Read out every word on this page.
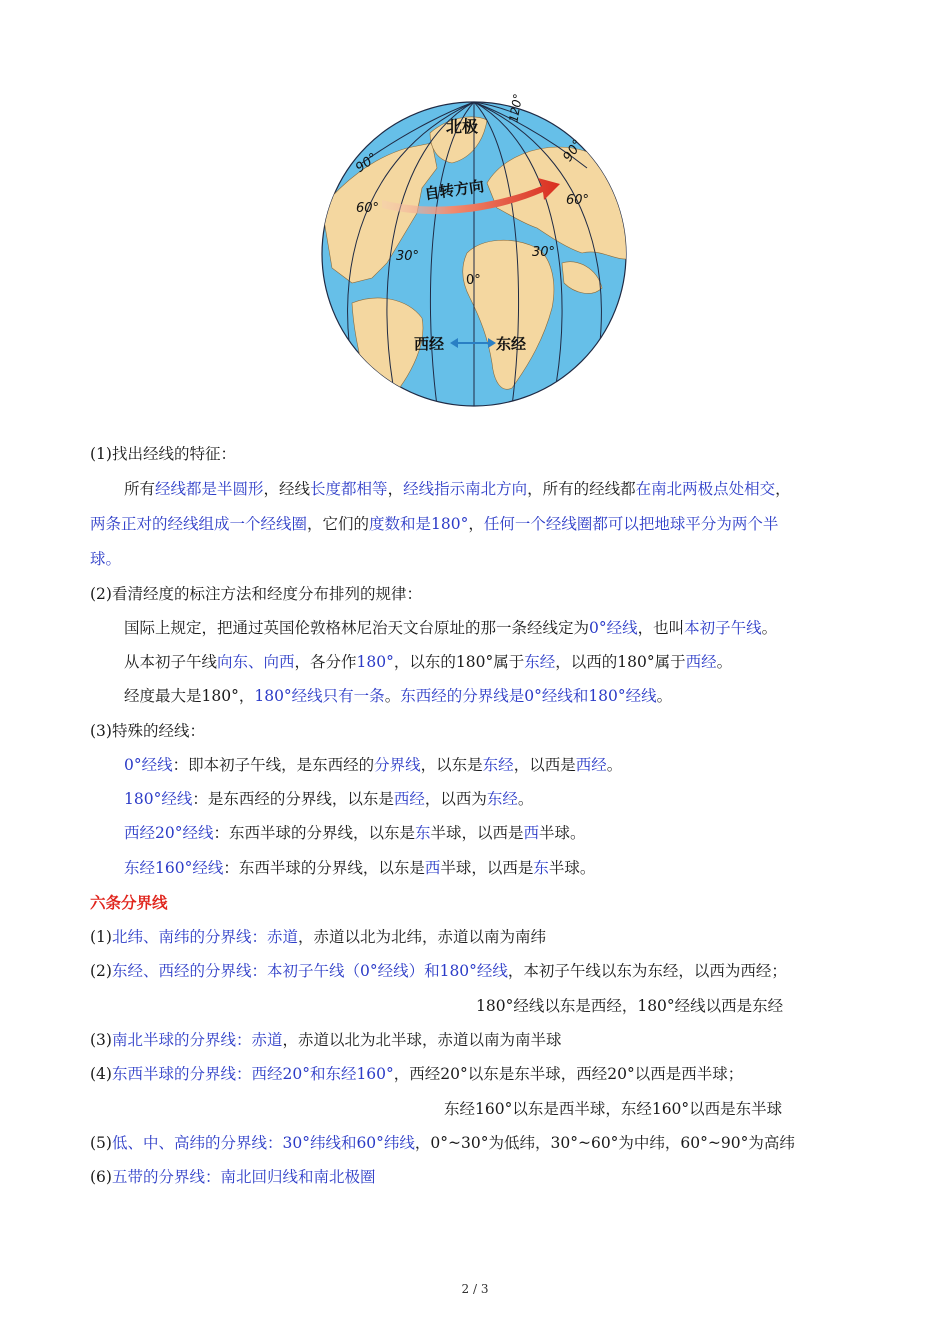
北极
自转方向
0°
30°	30°
60°
60°
90°	90°
120°
西经	东经
(1)找出经线的特征：
所有经线都是半圆形，经线长度都相等，经线指示南北方向，所有的经线都在南北两极点处相交，
两条正对的经线组成一个经线圈，它们的度数和是180°，任何一个经线圈都可以把地球平分为两个半
球。
(2)看清经度的标注方法和经度分布排列的规律：
国际上规定，把通过英国伦敦格林尼治天文台原址的那一条经线定为0°经线，也叫本初子午线。
从本初子午线向东、向西，各分作180°，以东的180°属于东经，以西的180°属于西经。
经度最大是180°，180°经线只有一条。东西经的分界线是0°经线和180°经线。
(3)特殊的经线：
0°经线：即本初子午线，是东西经的分界线，以东是东经，以西是西经。
180°经线：是东西经的分界线，以东是西经，以西为东经。
西经20°经线：东西半球的分界线，以东是东半球，以西是西半球。
东经160°经线：东西半球的分界线，以东是西半球，以西是东半球。
六条分界线
(1)北纬、南纬的分界线：赤道，赤道以北为北纬，赤道以南为南纬
(2)东经、西经的分界线：本初子午线（0°经线）和180°经线，本初子午线以东为东经，以西为西经；
180°经线以东是西经，180°经线以西是东经
(3)南北半球的分界线：赤道，赤道以北为北半球，赤道以南为南半球
(4)东西半球的分界线：西经20°和东经160°，西经20°以东是东半球，西经20°以西是西半球；
东经160°以东是西半球，东经160°以西是东半球
(5)低、中、高纬的分界线：30°纬线和60°纬线，0°~30°为低纬，30°~60°为中纬，60°~90°为高纬
(6)五带的分界线：南北回归线和南北极圈
2 / 3
